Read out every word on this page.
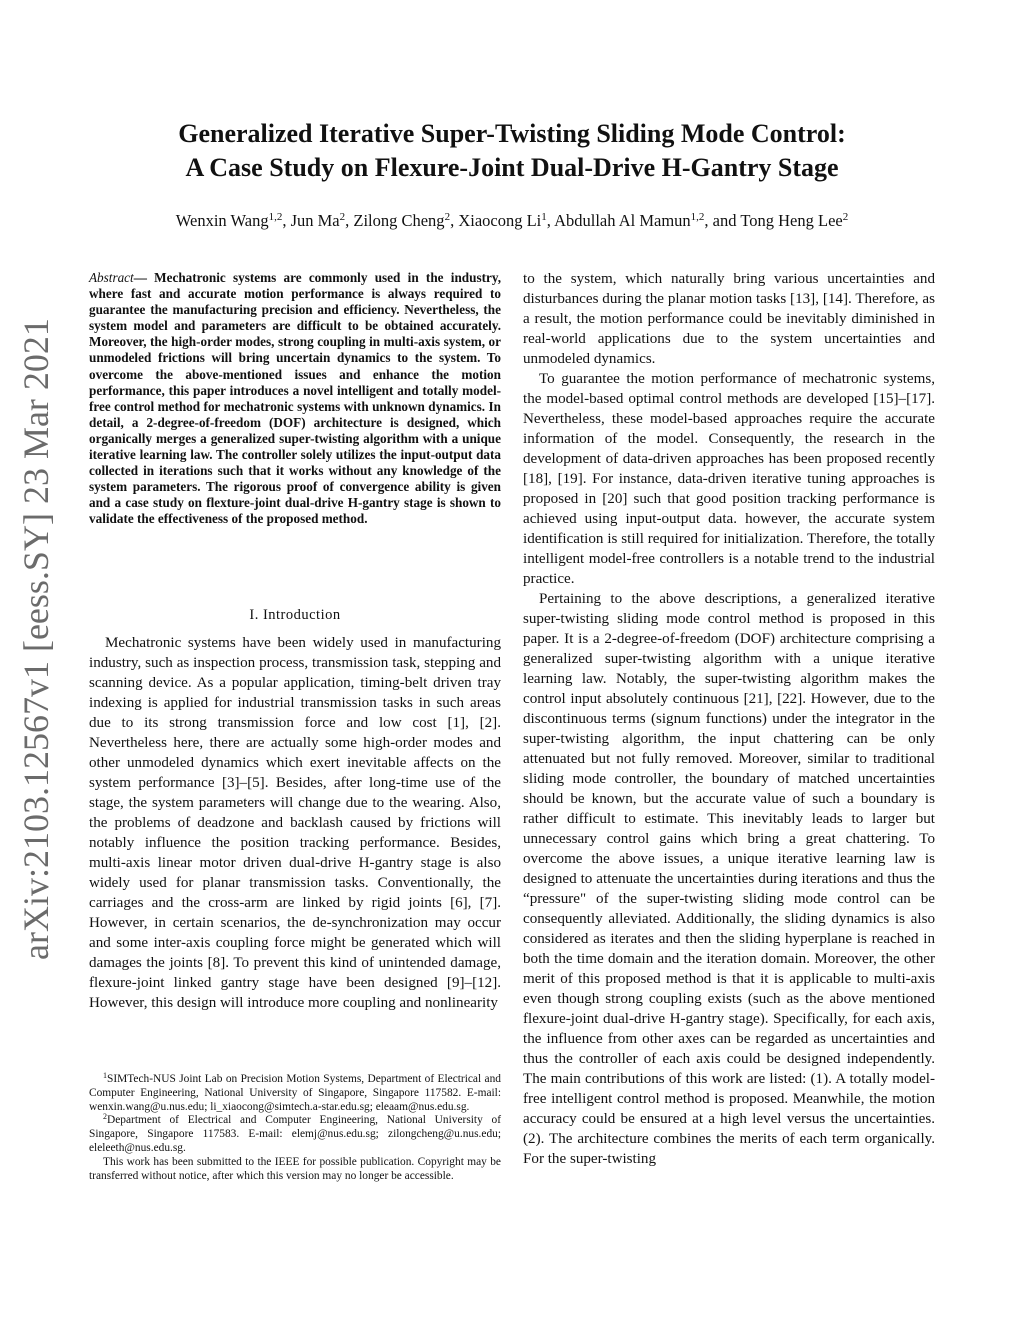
arXiv:2103.12567v1 [eess.SY] 23 Mar 2021
Generalized Iterative Super-Twisting Sliding Mode Control:
A Case Study on Flexure-Joint Dual-Drive H-Gantry Stage
Wenxin Wang$^{1,2}$, Jun Ma$^2$, Zilong Cheng$^2$, Xiaocong Li$^1$, Abdullah Al Mamun$^{1,2}$, and Tong Heng Lee$^2$
Abstract— Mechatronic systems are commonly used in the industry, where fast and accurate motion performance is always required to guarantee the manufacturing precision and efficiency. Nevertheless, the system model and parameters are difficult to be obtained accurately. Moreover, the high-order modes, strong coupling in multi-axis system, or unmodeled frictions will bring uncertain dynamics to the system. To overcome the above-mentioned issues and enhance the motion performance, this paper introduces a novel intelligent and totally model-free control method for mechatronic systems with unknown dynamics. In detail, a 2-degree-of-freedom (DOF) architecture is designed, which organically merges a generalized super-twisting algorithm with a unique iterative learning law. The controller solely utilizes the input-output data collected in iterations such that it works without any knowledge of the system parameters. The rigorous proof of convergence ability is given and a case study on flexture-joint dual-drive H-gantry stage is shown to validate the effectiveness of the proposed method.
I. Introduction

Mechatronic systems have been widely used in manufacturing industry, such as inspection process, transmission task, stepping and scanning device. As a popular application, timing-belt driven tray indexing is applied for industrial transmission tasks in such areas due to its strong transmission force and low cost [1], [2]. Nevertheless here, there are actually some high-order modes and other unmodeled dynamics which exert inevitable affects on the system performance [3]–[5]. Besides, after long-time use of the stage, the system parameters will change due to the wearing. Also, the problems of deadzone and backlash caused by frictions will notably influence the position tracking performance. Besides, multi-axis linear motor driven dual-drive H-gantry stage is also widely used for planar transmission tasks. Conventionally, the carriages and the cross-arm are linked by rigid joints [6], [7]. However, in certain scenarios, the de-synchronization may occur and some inter-axis coupling force might be generated which will damages the joints [8]. To prevent this kind of unintended damage, flexure-joint linked gantry stage have been designed [9]–[12]. However, this design will introduce more coupling and nonlinearity

$^1$SIMTech-NUS Joint Lab on Precision Motion Systems, Department of Electrical and Computer Engineering, National University of Singapore, Singapore 117582. E-mail: wenxin.wang@u.nus.edu; li_xiaocong@simtech.a-star.edu.sg; eleaam@nus.edu.sg.

$^2$Department of Electrical and Computer Engineering, National University of Singapore, Singapore 117583. E-mail: elemj@nus.edu.sg; zilongcheng@u.nus.edu; eleleeth@nus.edu.sg.

This work has been submitted to the IEEE for possible publication. Copyright may be transferred without notice, after which this version may no longer be accessible.

to the system, which naturally bring various uncertainties and disturbances during the planar motion tasks [13], [14]. Therefore, as a result, the motion performance could be inevitably diminished in real-world applications due to the system uncertainties and unmodeled dynamics.

To guarantee the motion performance of mechatronic systems, the model-based optimal control methods are developed [15]–[17]. Nevertheless, these model-based approaches require the accurate information of the model. Consequently, the research in the development of data-driven approaches has been proposed recently [18], [19]. For instance, data-driven iterative tuning approaches is proposed in [20] such that good position tracking performance is achieved using input-output data. however, the accurate system identification is still required for initialization. Therefore, the totally intelligent model-free controllers is a notable trend to the industrial practice.

Pertaining to the above descriptions, a generalized iterative super-twisting sliding mode control method is proposed in this paper. It is a 2-degree-of-freedom (DOF) architecture comprising a generalized super-twisting algorithm with a unique iterative learning law. Notably, the super-twisting algorithm makes the control input absolutely continuous [21], [22]. However, due to the discontinuous terms (signum functions) under the integrator in the super-twisting algorithm, the input chattering can be only attenuated but not fully removed. Moreover, similar to traditional sliding mode controller, the boundary of matched uncertainties should be known, but the accurate value of such a boundary is rather difficult to estimate. This inevitably leads to larger but unnecessary control gains which bring a great chattering. To overcome the above issues, a unique iterative learning law is designed to attenuate the uncertainties during iterations and thus the “pressure" of the super-twisting sliding mode control can be consequently alleviated. Additionally, the sliding dynamics is also considered as iterates and then the sliding hyperplane is reached in both the time domain and the iteration domain. Moreover, the other merit of this proposed method is that it is applicable to multi-axis even though strong coupling exists (such as the above mentioned flexure-joint dual-drive H-gantry stage). Specifically, for each axis, the influence from other axes can be regarded as uncertainties and thus the controller of each axis could be designed independently. The main contributions of this work are listed: (1). A totally model-free intelligent control method is proposed. Meanwhile, the motion accuracy could be ensured at a high level versus the uncertainties. (2). The architecture combines the merits of each term organically. For the super-twisting
